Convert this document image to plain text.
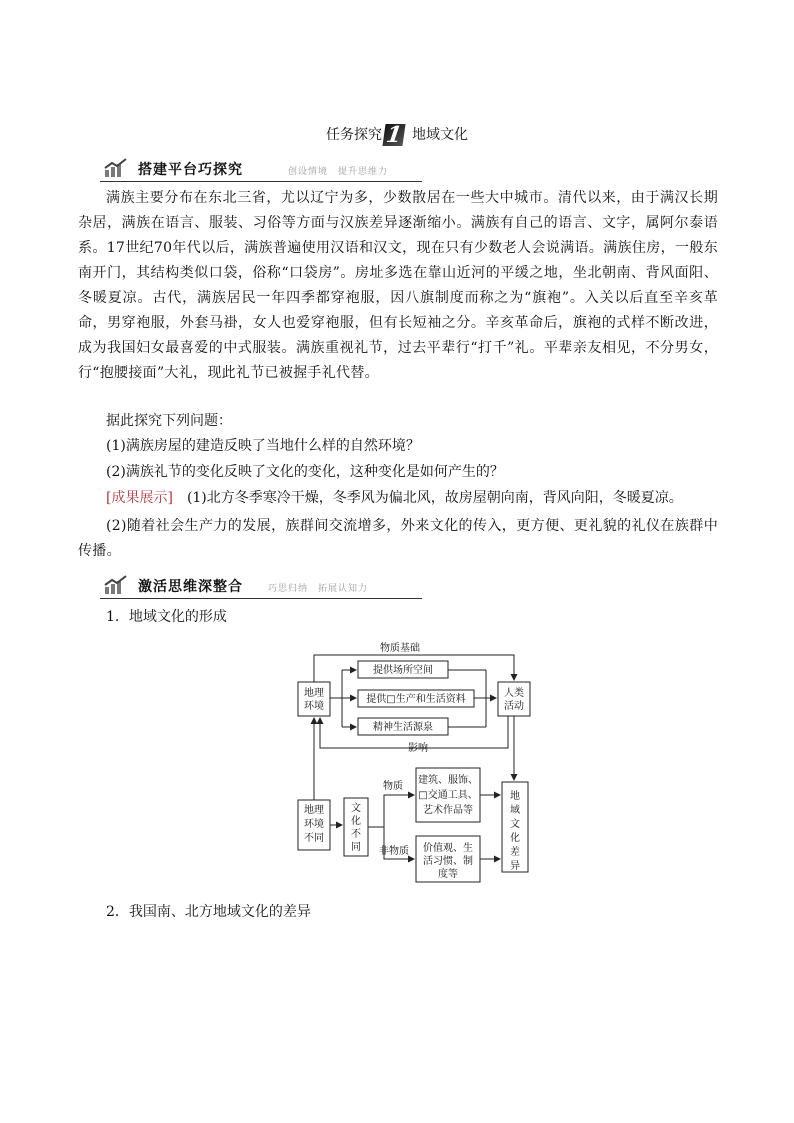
任务探究 1 地域文化
搭建平台巧探究	创设情境　提升思维力
满族主要分布在东北三省，尤以辽宁为多，少数散居在一些大中城市。清代以来，由于满汉长期杂居，满族在语言、服装、习俗等方面与汉族差异逐渐缩小。满族有自己的语言、文字，属阿尔泰语系。17世纪70年代以后，满族普遍使用汉语和汉文，现在只有少数老人会说满语。满族住房，一般东南开门，其结构类似口袋，俗称“口袋房”。房址多选在靠山近河的平缓之地，坐北朝南、背风面阳、冬暖夏凉。古代，满族居民一年四季都穿袍服，因八旗制度而称之为“旗袍”。入关以后直至辛亥革命，男穿袍服，外套马褂，女人也爱穿袍服，但有长短袖之分。辛亥革命后，旗袍的式样不断改进，成为我国妇女最喜爱的中式服装。满族重视礼节，过去平辈行“打千”礼。平辈亲友相见，不分男女，行“抱腰接面”大礼，现此礼节已被握手礼代替。
据此探究下列问题：
(1)满族房屋的建造反映了当地什么样的自然环境？
(2)满族礼节的变化反映了文化的变化，这种变化是如何产生的？
[成果展示] (1)北方冬季寒冷干燥，冬季风为偏北风，故房屋朝向南，背风向阳，冬暖夏凉。
(2)随着社会生产力的发展，族群间交流增多，外来文化的传入，更方便、更礼貌的礼仪在族群中传播。
激活思维深整合	巧思归纳　拓展认知力
1．地域文化的形成
物质基础
影响
地理
环境
人类
活动
提供场所空间
提供□生产和生活资料
精神生活源泉
地理
环境
不同
文
化
不
同
物质
非物质
建筑、服饰、
□交通工具、
艺术作品等
价值观、生
活习惯、制
度等
地
域
文
化
差
异
2．我国南、北方地域文化的差异
